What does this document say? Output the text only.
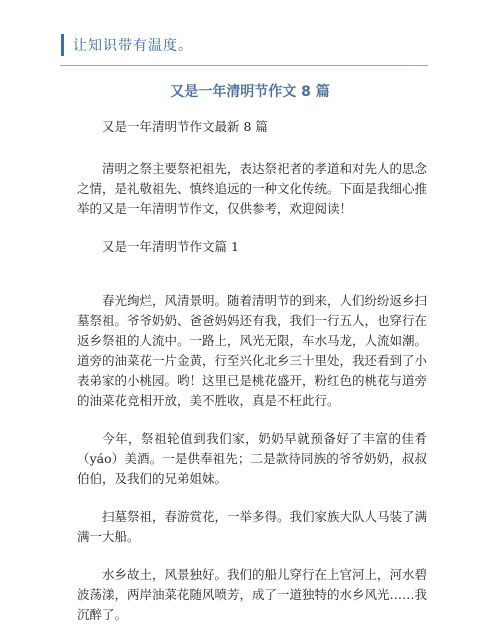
让知识带有温度。
又是一年清明节作文 8 篇

又是一年清明节作文最新 8 篇

清明之祭主要祭祀祖先，表达祭祀者的孝道和对先人的思念之情，是礼敬祖先、慎终追远的一种文化传统。下面是我细心推举的又是一年清明节作文，仅供参考，欢迎阅读！

又是一年清明节作文篇 1

春光绚烂，风清景明。随着清明节的到来，人们纷纷返乡扫墓祭祖。爷爷奶奶、爸爸妈妈还有我，我们一行五人，也穿行在返乡祭祖的人流中。一路上，风光无限，车水马龙，人流如潮。道旁的油菜花一片金黄，行至兴化北乡三十里处，我还看到了小表弟家的小桃园。哟！这里已是桃花盛开，粉红色的桃花与道旁的油菜花竞相开放，美不胜收，真是不枉此行。

今年，祭祖轮值到我们家，奶奶早就预备好了丰富的佳肴（yáo）美酒。一是供奉祖先；二是款待同族的爷爷奶奶，叔叔伯伯，及我们的兄弟姐妹。

扫墓祭祖，春游赏花，一举多得。我们家族大队人马装了满满一大船。

水乡故土，风景独好。我们的船儿穿行在上官河上，河水碧波荡漾，两岸油菜花随风喷芳，成了一道独特的水乡风光……我沉醉了。
